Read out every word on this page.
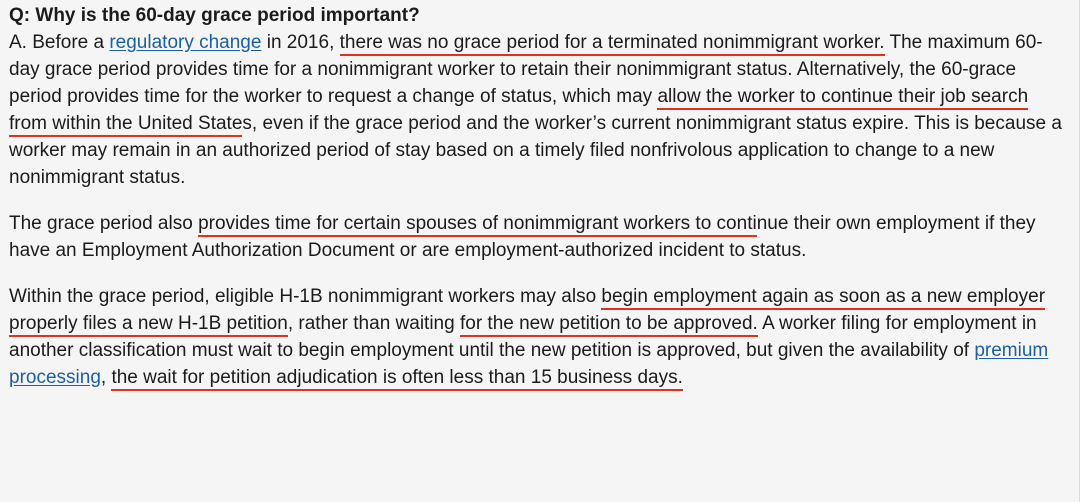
Q: Why is the 60-day grace period important?

A. Before a regulatory change in 2016, there was no grace period for a terminated nonimmigrant worker. The maximum 60-day grace period provides time for a nonimmigrant worker to retain their nonimmigrant status. Alternatively, the 60-grace period provides time for the worker to request a change of status, which may allow the worker to continue their job search from within the United States, even if the grace period and the worker’s current nonimmigrant status expire. This is because a worker may remain in an authorized period of stay based on a timely filed nonfrivolous application to change to a new nonimmigrant status.

The grace period also provides time for certain spouses of nonimmigrant workers to continue their own employment if they have an Employment Authorization Document or are employment-authorized incident to status.

Within the grace period, eligible H-1B nonimmigrant workers may also begin employment again as soon as a new employer properly files a new H-1B petition, rather than waiting for the new petition to be approved. A worker filing for employment in another classification must wait to begin employment until the new petition is approved, but given the availability of premium processing, the wait for petition adjudication is often less than 15 business days.
